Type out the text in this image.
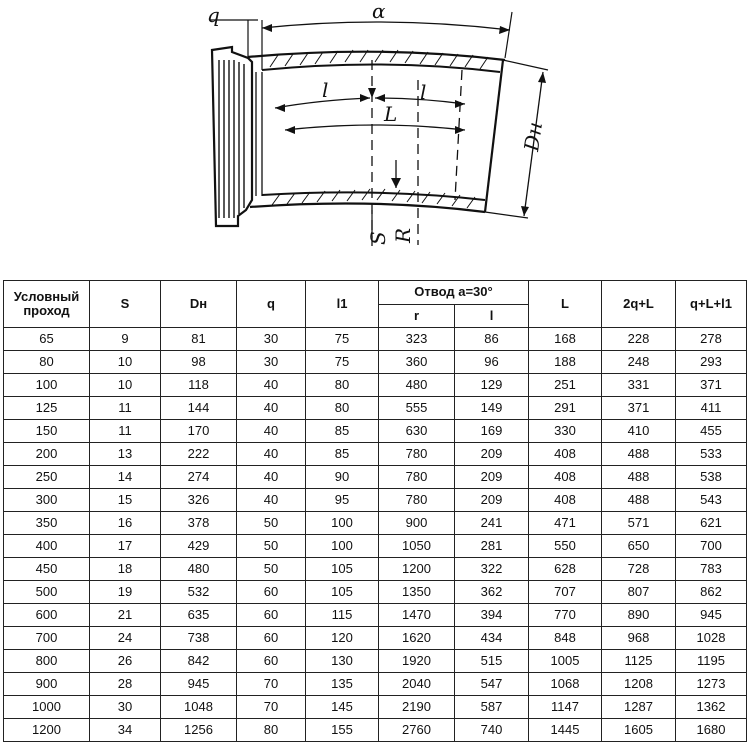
q	α
l	l
L
Dн
S R
Условный проход	S	Dн	q	l1	Отвод а=30°		L	2q+L	q+L+l1
					r	l			
65	9	81	30	75	323	86	168	228	278
80	10	98	30	75	360	96	188	248	293
100	10	118	40	80	480	129	251	331	371
125	11	144	40	80	555	149	291	371	411
150	11	170	40	85	630	169	330	410	455
200	13	222	40	85	780	209	408	488	533
250	14	274	40	90	780	209	408	488	538
300	15	326	40	95	780	209	408	488	543
350	16	378	50	100	900	241	471	571	621
400	17	429	50	100	1050	281	550	650	700
450	18	480	50	105	1200	322	628	728	783
500	19	532	60	105	1350	362	707	807	862
600	21	635	60	115	1470	394	770	890	945
700	24	738	60	120	1620	434	848	968	1028
800	26	842	60	130	1920	515	1005	1125	1195
900	28	945	70	135	2040	547	1068	1208	1273
1000	30	1048	70	145	2190	587	1147	1287	1362
1200	34	1256	80	155	2760	740	1445	1605	1680
